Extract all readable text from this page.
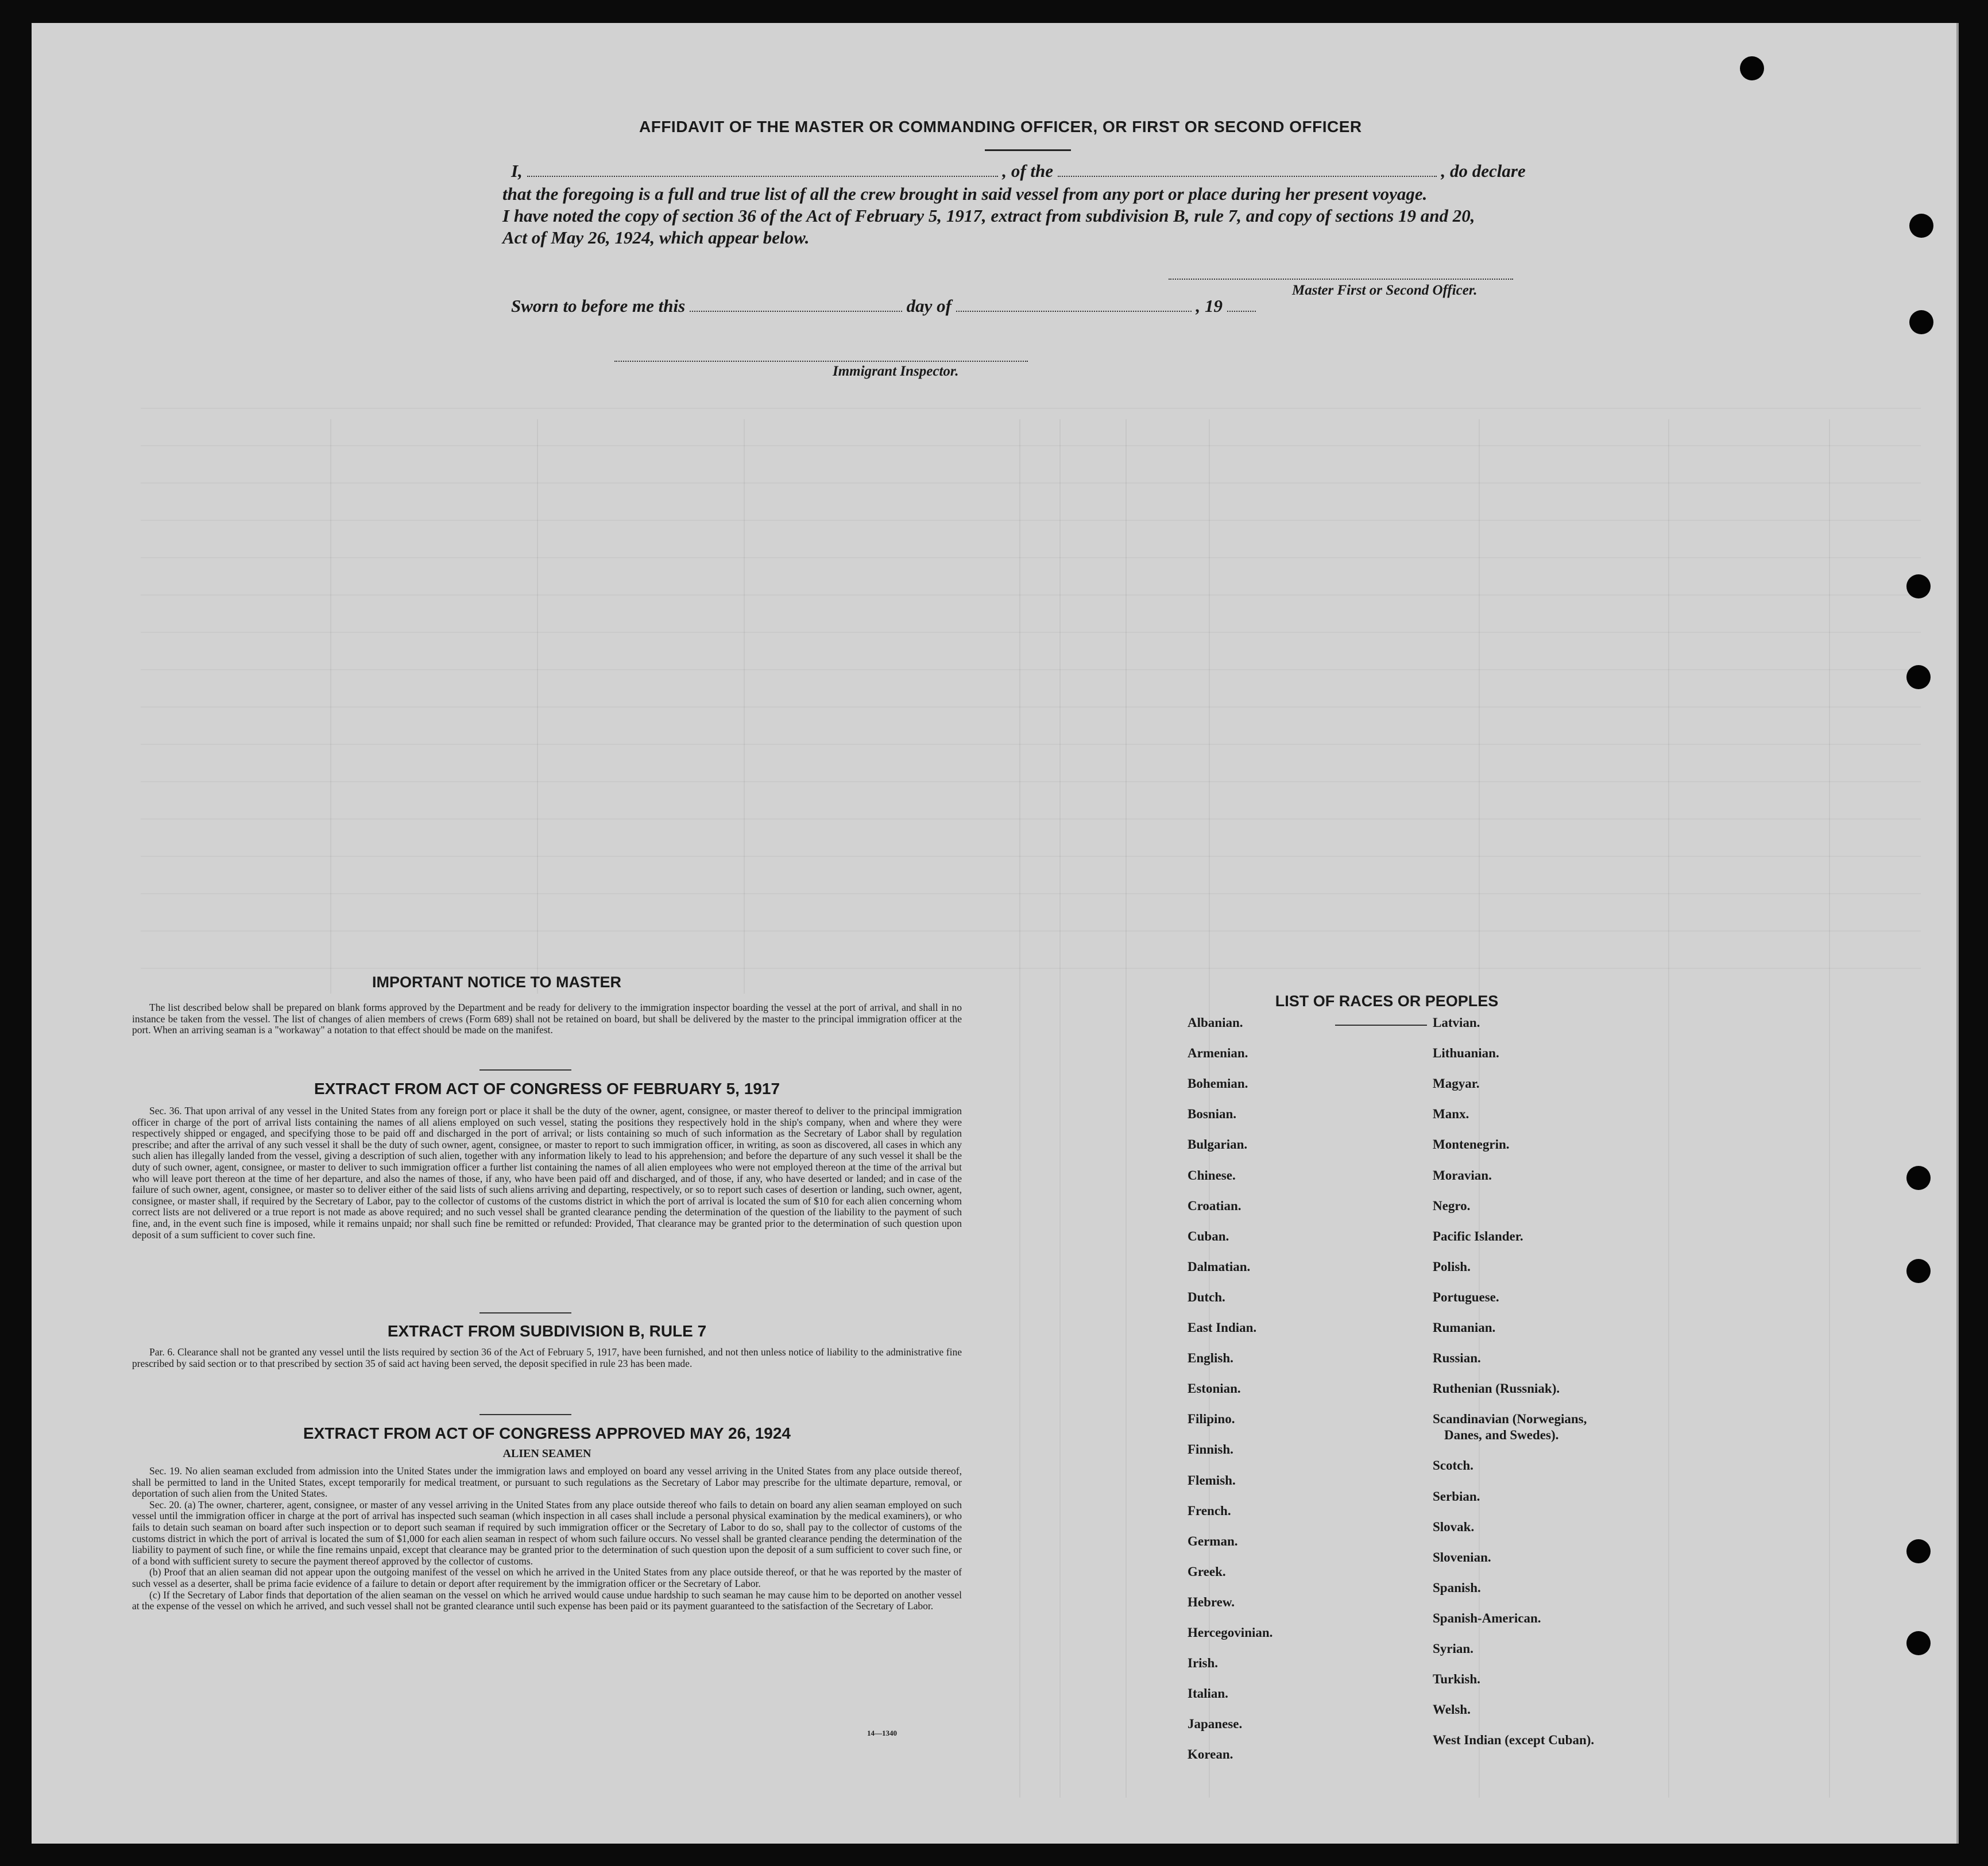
AFFIDAVIT OF THE MASTER OR COMMANDING OFFICER, OR FIRST OR SECOND OFFICER
I,	, of the	, do declare
that the foregoing is a full and true list of all the crew brought in said vessel from any port or place during her present voyage.
I have noted the copy of section 36 of the Act of February 5, 1917, extract from subdivision B, rule 7, and copy of sections 19 and 20,
Act of May 26, 1924, which appear below.
Master First or Second Officer.
Sworn to before me this	day of	, 19
Immigrant Inspector.
IMPORTANT NOTICE TO MASTER

The list described below shall be prepared on blank forms approved by the Department and be ready for delivery to the immigration inspector boarding the vessel at the port of arrival, and shall in no instance be taken from the vessel. The list of changes of alien members of crews (Form 689) shall not be retained on board, but shall be delivered by the master to the principal immigration officer at the port. When an arriving seaman is a "workaway" a notation to that effect should be made on the manifest.

EXTRACT FROM ACT OF CONGRESS OF FEBRUARY 5, 1917

Sec. 36. That upon arrival of any vessel in the United States from any foreign port or place it shall be the duty of the owner, agent, consignee, or master thereof to deliver to the principal immigration officer in charge of the port of arrival lists containing the names of all aliens employed on such vessel, stating the positions they respectively hold in the ship's company, when and where they were respectively shipped or engaged, and specifying those to be paid off and discharged in the port of arrival; or lists containing so much of such information as the Secretary of Labor shall by regulation prescribe; and after the arrival of any such vessel it shall be the duty of such owner, agent, consignee, or master to report to such immigration officer, in writing, as soon as discovered, all cases in which any such alien has illegally landed from the vessel, giving a description of such alien, together with any information likely to lead to his apprehension; and before the departure of any such vessel it shall be the duty of such owner, agent, consignee, or master to deliver to such immigration officer a further list containing the names of all alien employees who were not employed thereon at the time of the arrival but who will leave port thereon at the time of her departure, and also the names of those, if any, who have been paid off and discharged, and of those, if any, who have deserted or landed; and in case of the failure of such owner, agent, consignee, or master so to deliver either of the said lists of such aliens arriving and departing, respectively, or so to report such cases of desertion or landing, such owner, agent, consignee, or master shall, if required by the Secretary of Labor, pay to the collector of customs of the customs district in which the port of arrival is located the sum of $10 for each alien concerning whom correct lists are not delivered or a true report is not made as above required; and no such vessel shall be granted clearance pending the determination of the question of the liability to the payment of such fine, and, in the event such fine is imposed, while it remains unpaid; nor shall such fine be remitted or refunded: Provided, That clearance may be granted prior to the determination of such question upon deposit of a sum sufficient to cover such fine.

EXTRACT FROM SUBDIVISION B, RULE 7

Par. 6. Clearance shall not be granted any vessel until the lists required by section 36 of the Act of February 5, 1917, have been furnished, and not then unless notice of liability to the administrative fine prescribed by said section or to that prescribed by section 35 of said act having been served, the deposit specified in rule 23 has been made.

EXTRACT FROM ACT OF CONGRESS APPROVED MAY 26, 1924
ALIEN SEAMEN

Sec. 19. No alien seaman excluded from admission into the United States under the immigration laws and employed on board any vessel arriving in the United States from any place outside thereof, shall be permitted to land in the United States, except temporarily for medical treatment, or pursuant to such regulations as the Secretary of Labor may prescribe for the ultimate departure, removal, or deportation of such alien from the United States.

Sec. 20. (a) The owner, charterer, agent, consignee, or master of any vessel arriving in the United States from any place outside thereof who fails to detain on board any alien seaman employed on such vessel until the immigration officer in charge at the port of arrival has inspected such seaman (which inspection in all cases shall include a personal physical examination by the medical examiners), or who fails to detain such seaman on board after such inspection or to deport such seaman if required by such immigration officer or the Secretary of Labor to do so, shall pay to the collector of customs of the customs district in which the port of arrival is located the sum of $1,000 for each alien seaman in respect of whom such failure occurs. No vessel shall be granted clearance pending the determination of the liability to payment of such fine, or while the fine remains unpaid, except that clearance may be granted prior to the determination of such question upon the deposit of a sum sufficient to cover such fine, or of a bond with sufficient surety to secure the payment thereof approved by the collector of customs.

(b) Proof that an alien seaman did not appear upon the outgoing manifest of the vessel on which he arrived in the United States from any place outside thereof, or that he was reported by the master of such vessel as a deserter, shall be prima facie evidence of a failure to detain or deport after requirement by the immigration officer or the Secretary of Labor.

(c) If the Secretary of Labor finds that deportation of the alien seaman on the vessel on which he arrived would cause undue hardship to such seaman he may cause him to be deported on another vessel at the expense of the vessel on which he arrived, and such vessel shall not be granted clearance until such expense has been paid or its payment guaranteed to the satisfaction of the Secretary of Labor.

14—1340
LIST OF RACES OR PEOPLES
Albanian.
Armenian.
Bohemian.
Bosnian.
Bulgarian.
Chinese.
Croatian.
Cuban.
Dalmatian.
Dutch.
East Indian.
English.
Estonian.
Filipino.
Finnish.
Flemish.
French.
German.
Greek.
Hebrew.
Hercegovinian.
Irish.
Italian.
Japanese.
Korean.
Latvian.
Lithuanian.
Magyar.
Manx.
Montenegrin.
Moravian.
Negro.
Pacific Islander.
Polish.
Portuguese.
Rumanian.
Russian.
Ruthenian (Russniak).
Scandinavian (Norwegians,
Danes, and Swedes).
Scotch.
Serbian.
Slovak.
Slovenian.
Spanish.
Spanish-American.
Syrian.
Turkish.
Welsh.
West Indian (except Cuban).
